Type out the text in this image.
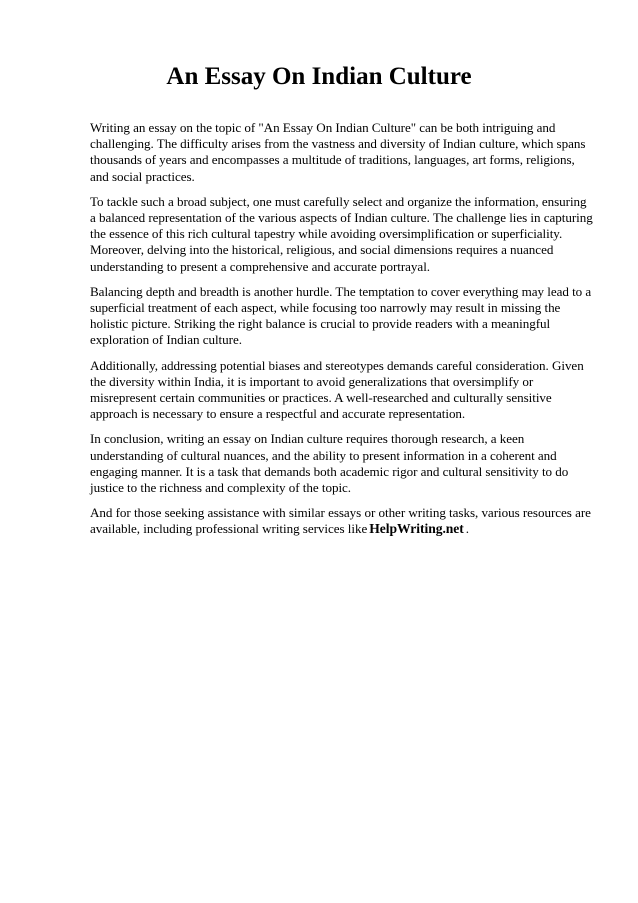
An Essay On Indian Culture

Writing an essay on the topic of "An Essay On Indian Culture" can be both intriguing and
challenging. The difficulty arises from the vastness and diversity of Indian culture, which spans
thousands of years and encompasses a multitude of traditions, languages, art forms, religions,
and social practices.

To tackle such a broad subject, one must carefully select and organize the information, ensuring
a balanced representation of the various aspects of Indian culture. The challenge lies in capturing
the essence of this rich cultural tapestry while avoiding oversimplification or superficiality.
Moreover, delving into the historical, religious, and social dimensions requires a nuanced
understanding to present a comprehensive and accurate portrayal.

Balancing depth and breadth is another hurdle. The temptation to cover everything may lead to a
superficial treatment of each aspect, while focusing too narrowly may result in missing the
holistic picture. Striking the right balance is crucial to provide readers with a meaningful
exploration of Indian culture.

Additionally, addressing potential biases and stereotypes demands careful consideration. Given
the diversity within India, it is important to avoid generalizations that oversimplify or
misrepresent certain communities or practices. A well-researched and culturally sensitive
approach is necessary to ensure a respectful and accurate representation.

In conclusion, writing an essay on Indian culture requires thorough research, a keen
understanding of cultural nuances, and the ability to present information in a coherent and
engaging manner. It is a task that demands both academic rigor and cultural sensitivity to do
justice to the richness and complexity of the topic.

And for those seeking assistance with similar essays or other writing tasks, various resources are
available, including professional writing services like HelpWriting.net .
